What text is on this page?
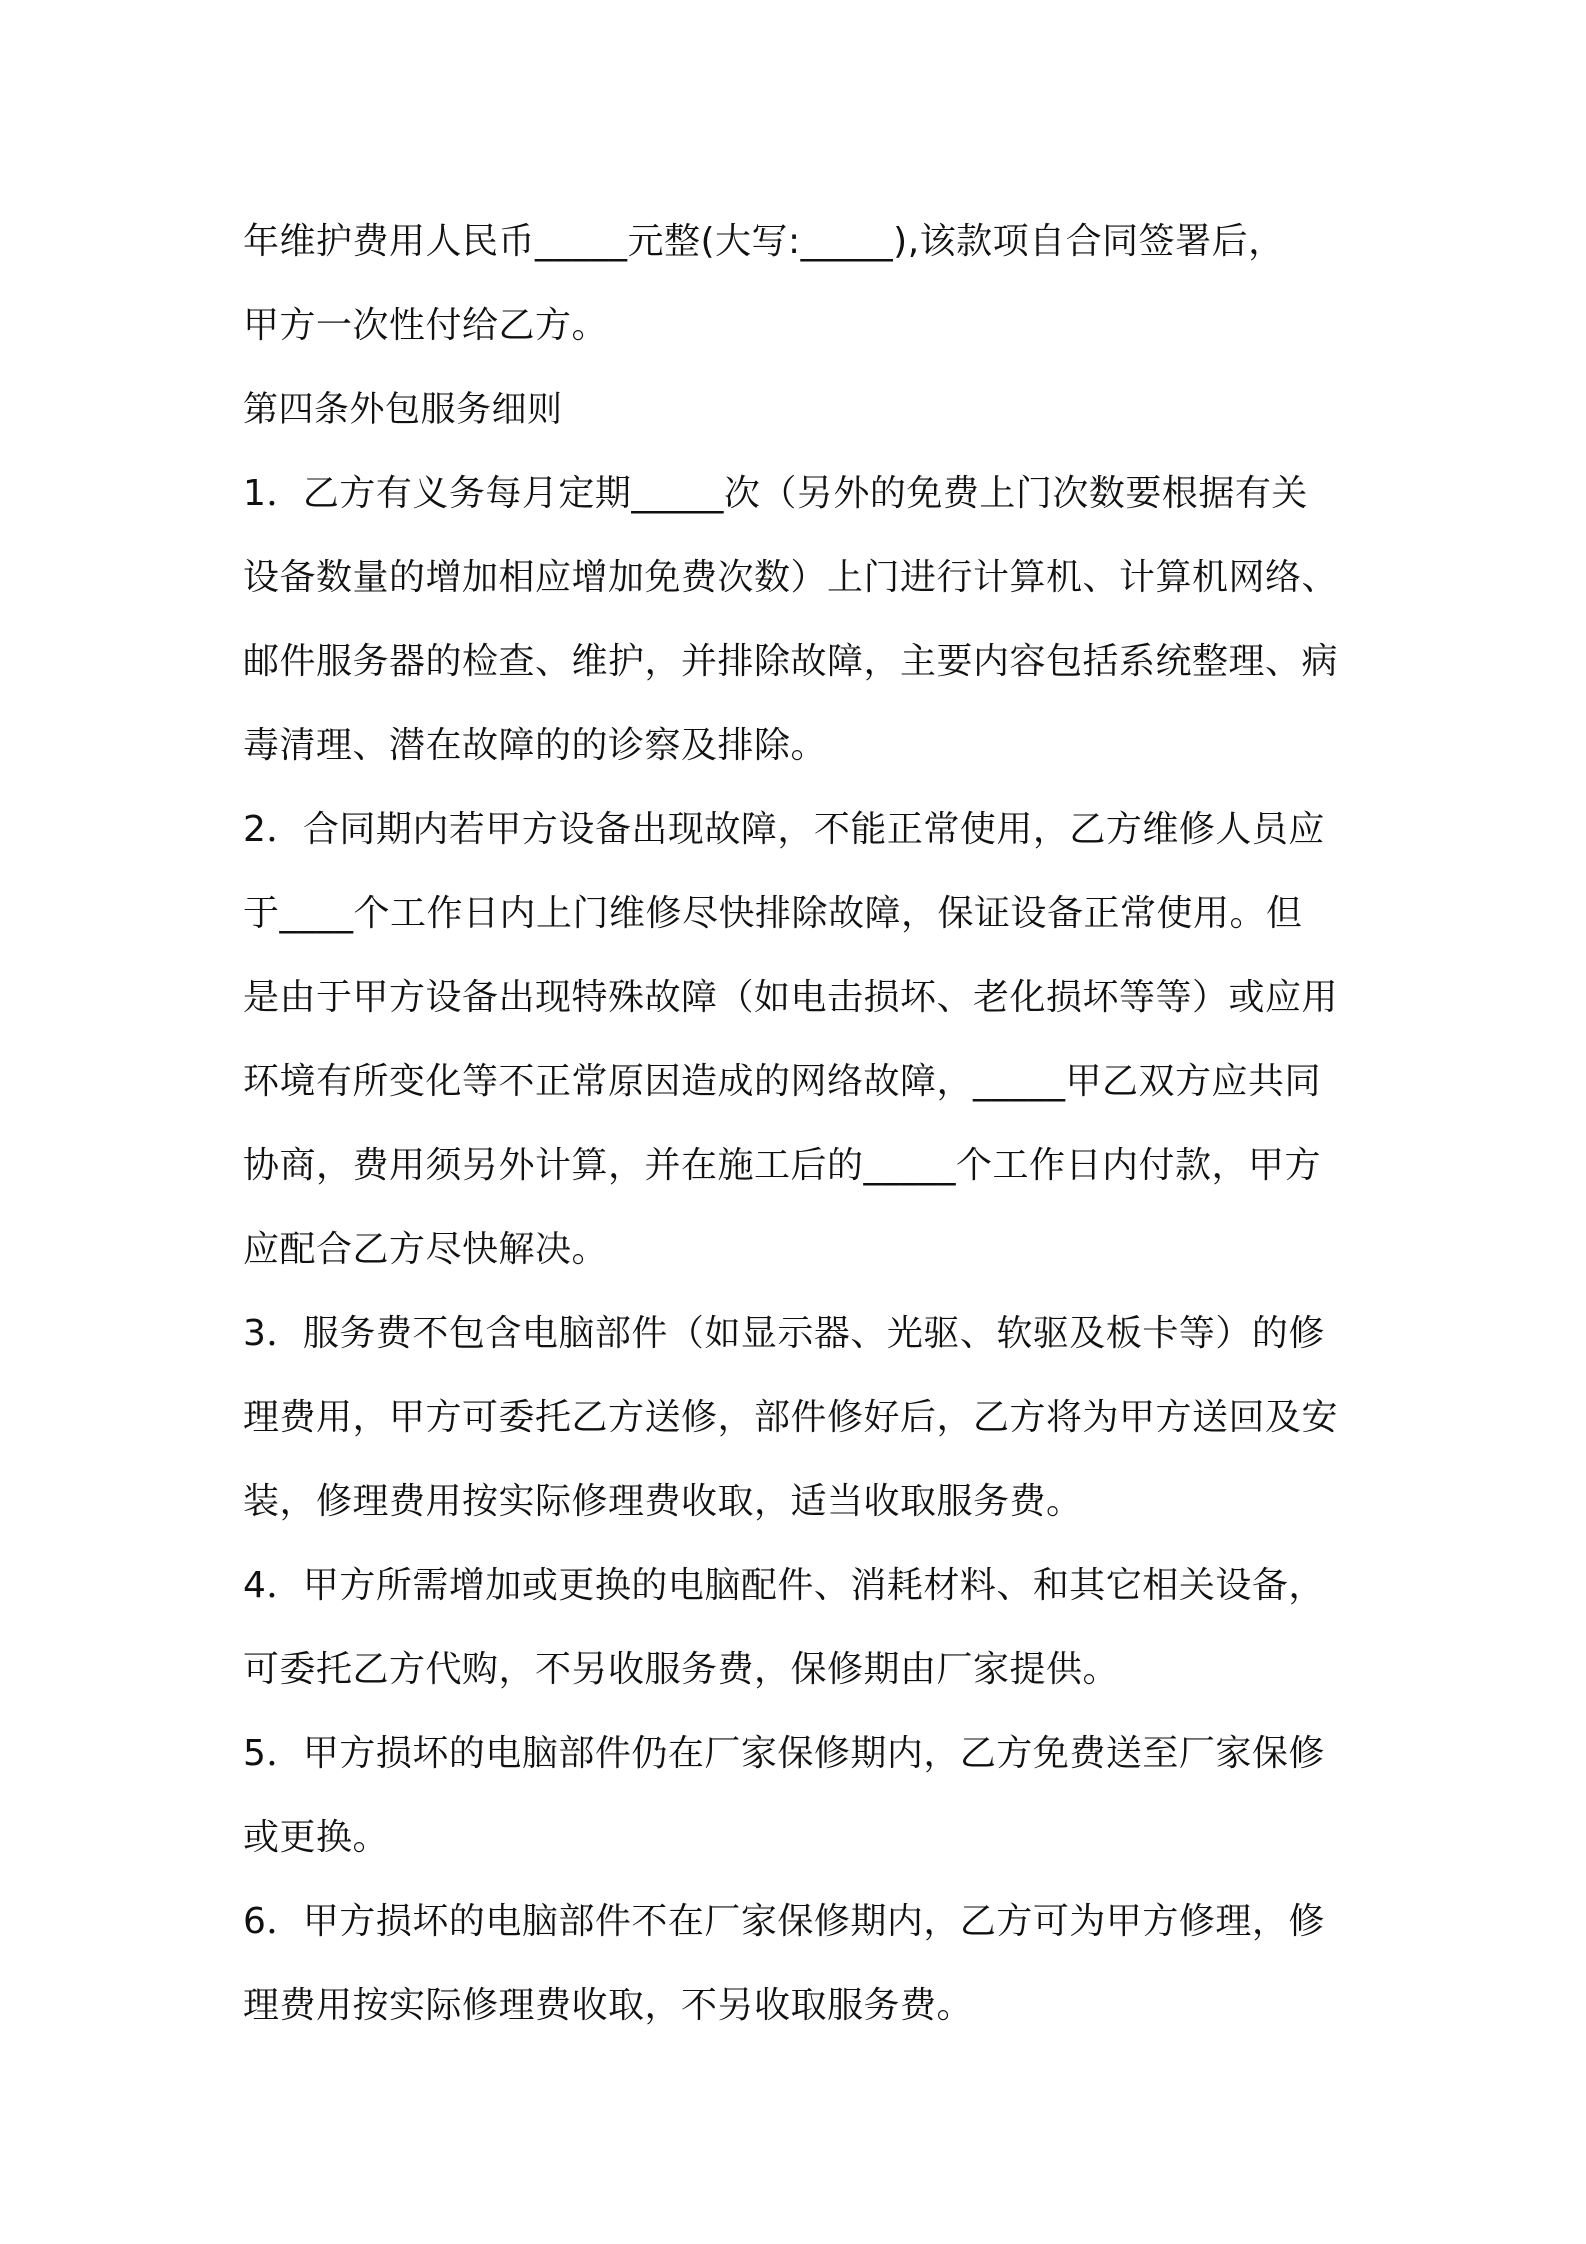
年维护费用人民币_____元整(大写:_____),该款项自合同签署后，
甲方一次性付给乙方。
第四条外包服务细则
1．乙方有义务每月定期_____次（另外的免费上门次数要根据有关
设备数量的增加相应增加免费次数）上门进行计算机、计算机网络、
邮件服务器的检查、维护，并排除故障，主要内容包括系统整理、病
毒清理、潜在故障的的诊察及排除。
2．合同期内若甲方设备出现故障，不能正常使用，乙方维修人员应
于____个工作日内上门维修尽快排除故障，保证设备正常使用。但
是由于甲方设备出现特殊故障（如电击损坏、老化损坏等等）或应用
环境有所变化等不正常原因造成的网络故障，_____甲乙双方应共同
协商，费用须另外计算，并在施工后的_____个工作日内付款，甲方
应配合乙方尽快解决。
3．服务费不包含电脑部件（如显示器、光驱、软驱及板卡等）的修
理费用，甲方可委托乙方送修，部件修好后，乙方将为甲方送回及安
装，修理费用按实际修理费收取，适当收取服务费。
4．甲方所需增加或更换的电脑配件、消耗材料、和其它相关设备，
可委托乙方代购，不另收服务费，保修期由厂家提供。
5．甲方损坏的电脑部件仍在厂家保修期内，乙方免费送至厂家保修
或更换。
6．甲方损坏的电脑部件不在厂家保修期内，乙方可为甲方修理，修
理费用按实际修理费收取，不另收取服务费。
